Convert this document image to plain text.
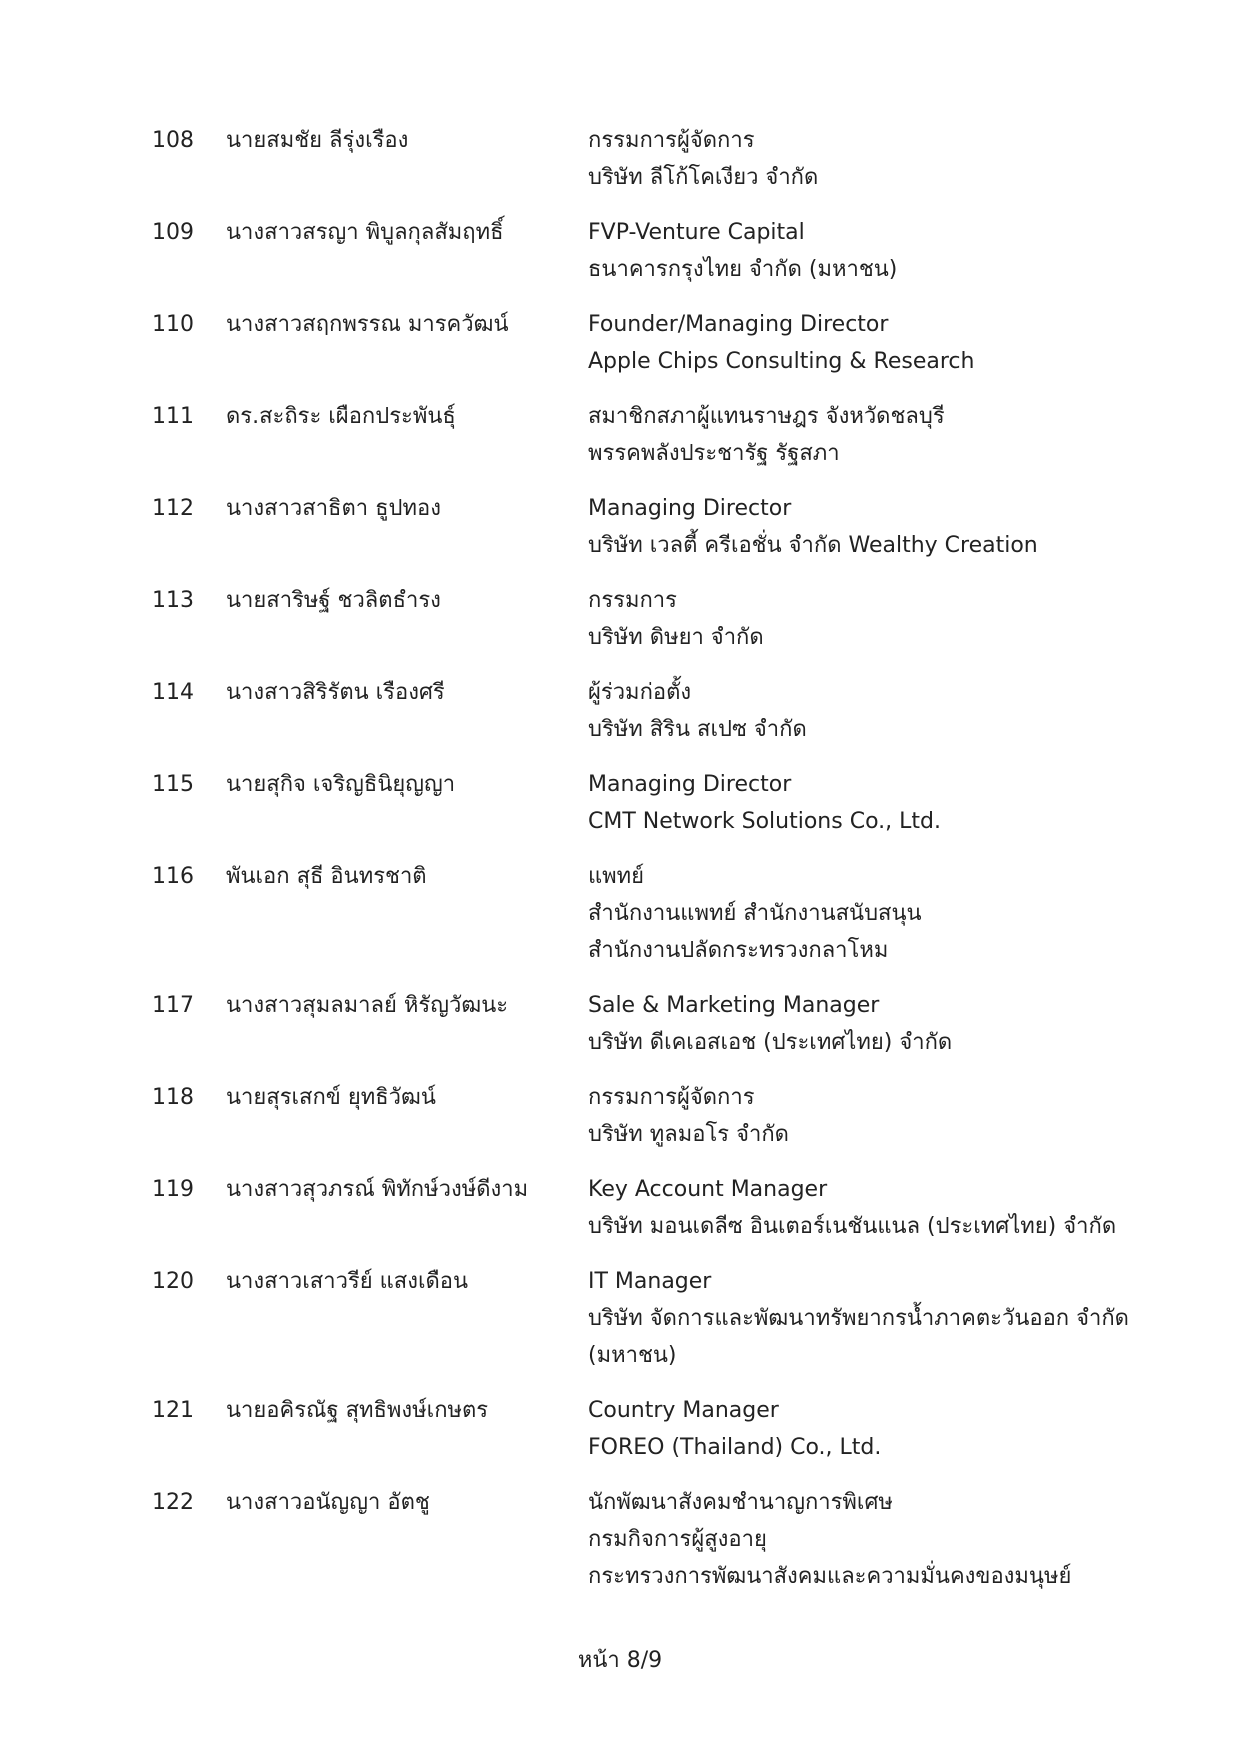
108	นายสมชัย ลีรุ่งเรือง	กรรมการผู้จัดการ
บริษัท ลีโก้โคเงียว จำกัด
109	นางสาวสรญา พิบูลกุลสัมฤทธิ์	FVP-Venture Capital
ธนาคารกรุงไทย จำกัด (มหาชน)
110	นางสาวสฤกพรรณ มารควัฒน์	Founder/Managing Director
Apple Chips Consulting & Research
111	ดร.สะถิระ เผือกประพันธุ์	สมาชิกสภาผู้แทนราษฎร จังหวัดชลบุรี
พรรคพลังประชารัฐ รัฐสภา
112	นางสาวสาธิตา ธูปทอง	Managing Director
บริษัท เวลตี้ ครีเอชั่น จำกัด Wealthy Creation
113	นายสาริษฐ์ ชวลิตธำรง	กรรมการ
บริษัท ดิษยา จำกัด
114	นางสาวสิริรัตน เรืองศรี	ผู้ร่วมก่อตั้ง
บริษัท สิริน สเปซ จำกัด
115	นายสุกิจ เจริญธินิยุญญา	Managing Director
CMT Network Solutions Co., Ltd.
116	พันเอก สุธี อินทรชาติ	แพทย์
สำนักงานแพทย์ สำนักงานสนับสนุน
สำนักงานปลัดกระทรวงกลาโหม
117	นางสาวสุมลมาลย์ หิรัญวัฒนะ	Sale & Marketing Manager
บริษัท ดีเคเอสเอช (ประเทศไทย) จำกัด
118	นายสุรเสกข์ ยุทธิวัฒน์	กรรมการผู้จัดการ
บริษัท ทูลมอโร จำกัด
119	นางสาวสุวภรณ์ พิทักษ์วงษ์ดีงาม	Key Account Manager
บริษัท มอนเดลีซ อินเตอร์เนชันแนล (ประเทศไทย) จำกัด
120	นางสาวเสาวรีย์ แสงเดือน	IT Manager
บริษัท จัดการและพัฒนาทรัพยากรน้ำภาคตะวันออก จำกัด
(มหาชน)
121	นายอคิรณัฐ สุทธิพงษ์เกษตร	Country Manager
FOREO (Thailand) Co., Ltd.
122	นางสาวอนัญญา อัตชู	นักพัฒนาสังคมชำนาญการพิเศษ
กรมกิจการผู้สูงอายุ
กระทรวงการพัฒนาสังคมและความมั่นคงของมนุษย์
หน้า 8/9
